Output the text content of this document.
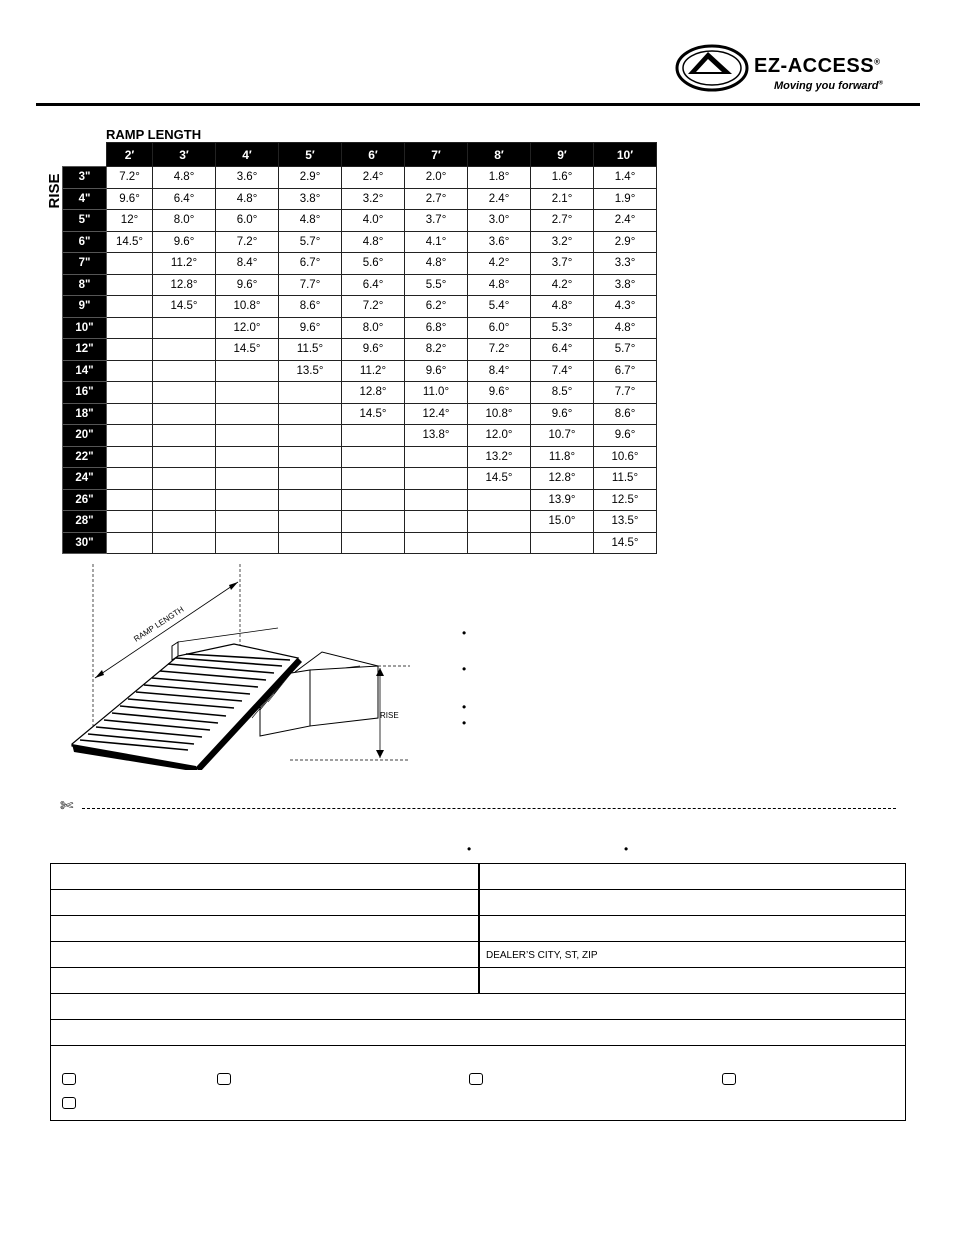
EZ-ACCESS®
Moving you forward®
RAMP LENGTH
RISE
	2′	3′	4′	5′	6′	7′	8′	9′	10′
3"	7.2°	4.8°	3.6°	2.9°	2.4°	2.0°	1.8°	1.6°	1.4°
4"	9.6°	6.4°	4.8°	3.8°	3.2°	2.7°	2.4°	2.1°	1.9°
5"	12°	8.0°	6.0°	4.8°	4.0°	3.7°	3.0°	2.7°	2.4°
6"	14.5°	9.6°	7.2°	5.7°	4.8°	4.1°	3.6°	3.2°	2.9°
7"		11.2°	8.4°	6.7°	5.6°	4.8°	4.2°	3.7°	3.3°
8"		12.8°	9.6°	7.7°	6.4°	5.5°	4.8°	4.2°	3.8°
9"		14.5°	10.8°	8.6°	7.2°	6.2°	5.4°	4.8°	4.3°
10"			12.0°	9.6°	8.0°	6.8°	6.0°	5.3°	4.8°
12"			14.5°	11.5°	9.6°	8.2°	7.2°	6.4°	5.7°
14"				13.5°	11.2°	9.6°	8.4°	7.4°	6.7°
16"					12.8°	11.0°	9.6°	8.5°	7.7°
18"					14.5°	12.4°	10.8°	9.6°	8.6°
20"						13.8°	12.0°	10.7°	9.6°
22"							13.2°	11.8°	10.6°
24"							14.5°	12.8°	11.5°
26"								13.9°	12.5°
28"								15.0°	13.5°
30"									14.5°
RAMP LENGTH
RISE
•
•
•
•
✄
•	•
DEALER’S CITY, ST, ZIP
